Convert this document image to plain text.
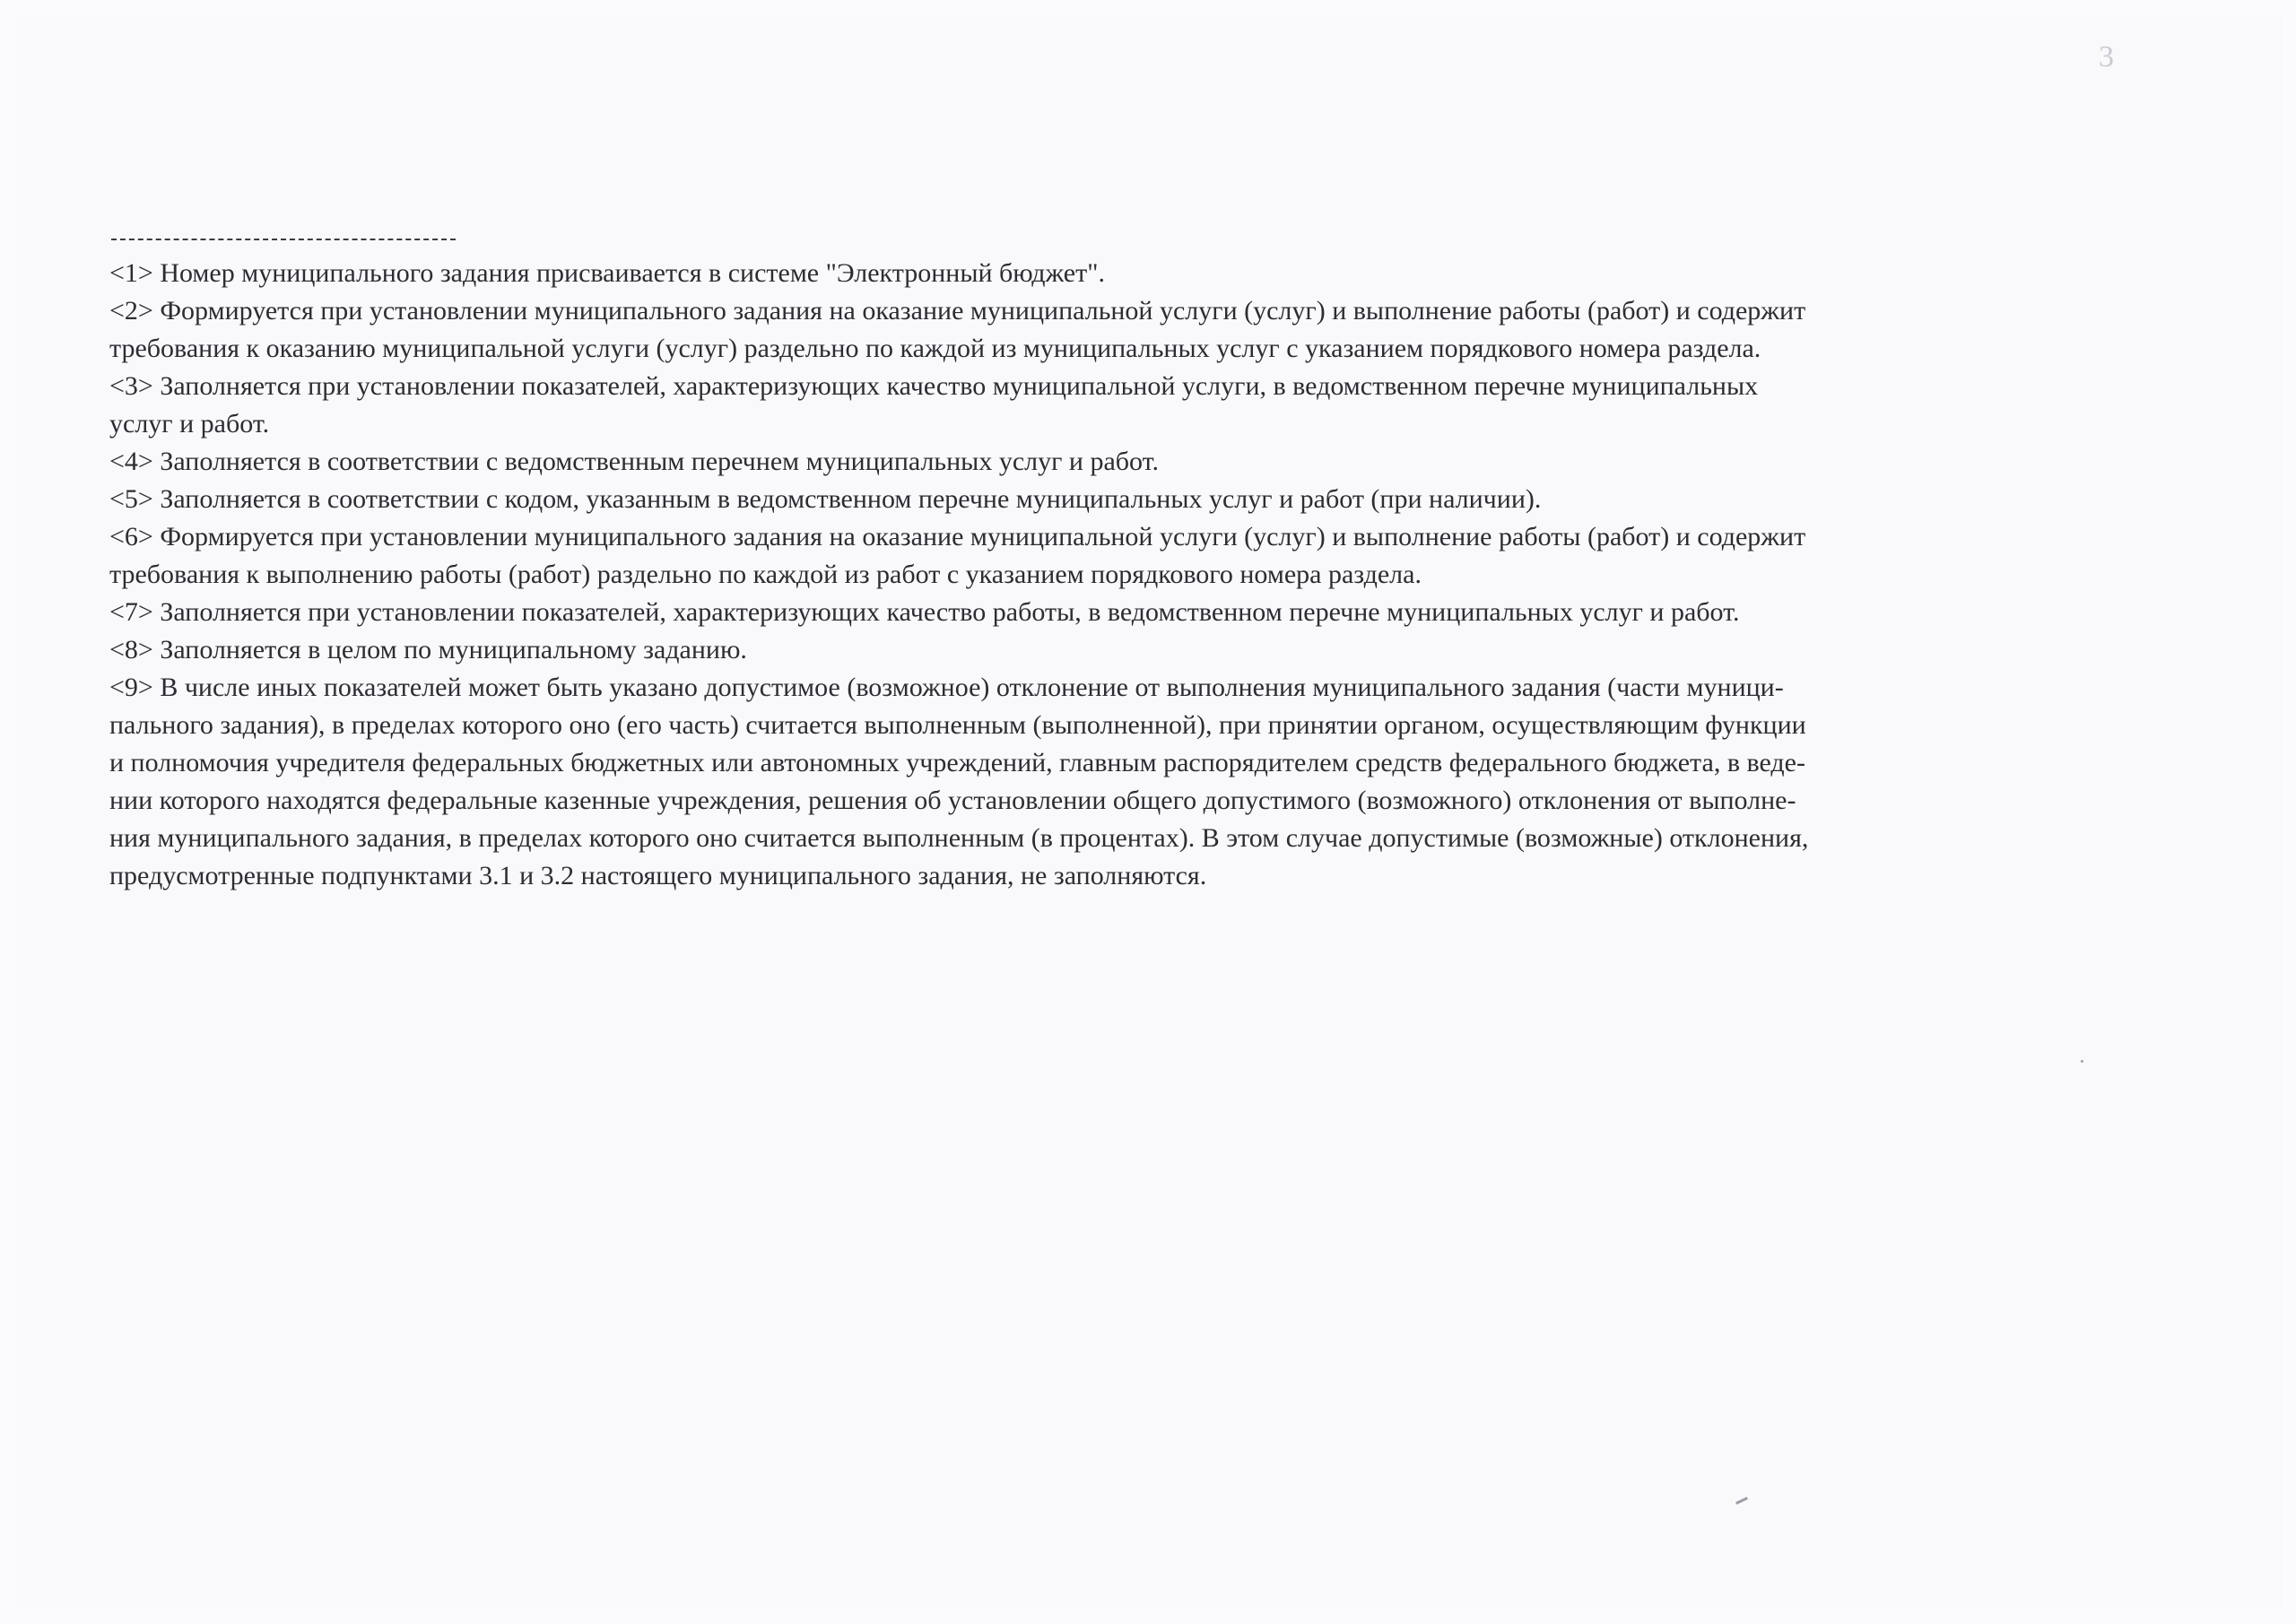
3

<1> Номер муниципального задания присваивается в системе "Электронный бюджет".

<2> Формируется при установлении муниципального задания на оказание муниципальной услуги (услуг) и выполнение работы (работ) и содержит
требования к оказанию муниципальной услуги (услуг) раздельно по каждой из муниципальных услуг с указанием порядкового номера раздела.

<3> Заполняется при установлении показателей, характеризующих качество муниципальной услуги, в ведомственном перечне муниципальных
услуг и работ.

<4> Заполняется в соответствии с ведомственным перечнем муниципальных услуг и работ.

<5> Заполняется в соответствии с кодом, указанным в ведомственном перечне муниципальных услуг и работ (при наличии).

<6> Формируется при установлении муниципального задания на оказание муниципальной услуги (услуг) и выполнение работы (работ) и содержит
требования к выполнению работы (работ) раздельно по каждой из работ с указанием порядкового номера раздела.

<7> Заполняется при установлении показателей, характеризующих качество работы, в ведомственном перечне муниципальных услуг и работ.

<8> Заполняется в целом по муниципальному заданию.

<9> В числе иных показателей может быть указано допустимое (возможное) отклонение от выполнения муниципального задания (части муници-
пального задания), в пределах которого оно (его часть) считается выполненным (выполненной), при принятии органом, осуществляющим функции
и полномочия учредителя федеральных бюджетных или автономных учреждений, главным распорядителем средств федерального бюджета, в веде-
нии которого находятся федеральные казенные учреждения, решения об установлении общего допустимого (возможного) отклонения от выполне-
ния муниципального задания, в пределах которого оно считается выполненным (в процентах). В этом случае допустимые (возможные) отклонения,
предусмотренные подпунктами 3.1 и 3.2 настоящего муниципального задания, не заполняются.
